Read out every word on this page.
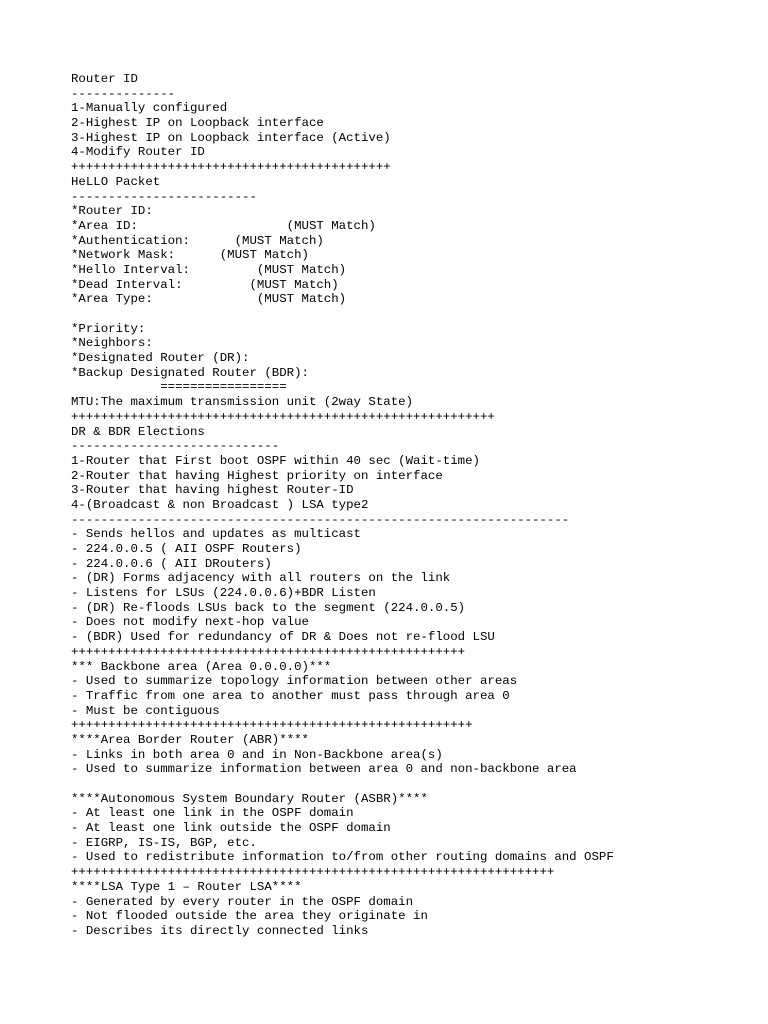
Router ID
--------------
1-Manually configured
2-Highest IP on Loopback interface
3-Highest IP on Loopback interface (Active)
4-Modify Router ID
+++++++++++++++++++++++++++++++++++++++++++
HeLLO Packet
-------------------------
*Router ID:
*Area ID:                    (MUST Match)
*Authentication:      (MUST Match)
*Network Mask:      (MUST Match)
*Hello Interval:         (MUST Match)
*Dead Interval:         (MUST Match)
*Area Type:              (MUST Match)
*Priority:
*Neighbors:
*Designated Router (DR):
*Backup Designated Router (BDR):
=================
MTU:The maximum transmission unit (2way State)
+++++++++++++++++++++++++++++++++++++++++++++++++++++++++
DR & BDR Elections
----------------------------
1-Router that First boot OSPF within 40 sec (Wait-time)
2-Router that having Highest priority on interface
3-Router that having highest Router-ID
4-(Broadcast & non Broadcast ) LSA type2
-------------------------------------------------------------------
- Sends hellos and updates as multicast
- 224.0.0.5 ( AII OSPF Routers)
- 224.0.0.6 ( AII DRouters)
- (DR) Forms adjacency with all routers on the link
- Listens for LSUs (224.0.0.6)+BDR Listen
- (DR) Re-floods LSUs back to the segment (224.0.0.5)
- Does not modify next-hop value
- (BDR) Used for redundancy of DR & Does not re-flood LSU
+++++++++++++++++++++++++++++++++++++++++++++++++++++
*** Backbone area (Area 0.0.0.0)***
- Used to summarize topology information between other areas
- Traffic from one area to another must pass through area 0
- Must be contiguous
++++++++++++++++++++++++++++++++++++++++++++++++++++++
****Area Border Router (ABR)****
- Links in both area 0 and in Non-Backbone area(s)
- Used to summarize information between area 0 and non-backbone area
****Autonomous System Boundary Router (ASBR)****
- At least one link in the OSPF domain
- At least one link outside the OSPF domain
- EIGRP, IS-IS, BGP, etc.
- Used to redistribute information to/from other routing domains and OSPF
+++++++++++++++++++++++++++++++++++++++++++++++++++++++++++++++++
****LSA Type 1 – Router LSA****
- Generated by every router in the OSPF domain
- Not flooded outside the area they originate in
- Describes its directly connected links
